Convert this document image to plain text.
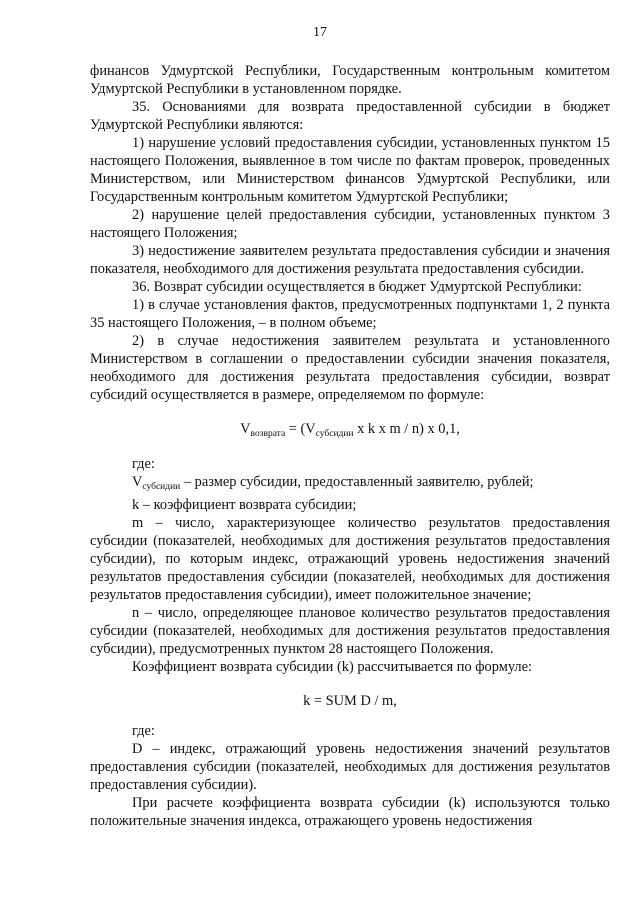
17

финансов Удмуртской Республики, Государственным контрольным комитетом Удмуртской Республики в установленном порядке.

35. Основаниями для возврата предоставленной субсидии в бюджет Удмуртской Республики являются:

1) нарушение условий предоставления субсидии, установленных пунктом 15 настоящего Положения, выявленное в том числе по фактам проверок, проведенных Министерством, или Министерством финансов Удмуртской Республики, или Государственным контрольным комитетом Удмуртской Республики;

2) нарушение целей предоставления субсидии, установленных пунктом 3 настоящего Положения;

3) недостижение заявителем результата предоставления субсидии и значения показателя, необходимого для достижения результата предоставления субсидии.

36. Возврат субсидии осуществляется в бюджет Удмуртской Республики:

1) в случае установления фактов, предусмотренных подпунктами 1, 2 пункта 35 настоящего Положения, – в полном объеме;

2) в случае недостижения заявителем результата и установленного Министерством в соглашении о предоставлении субсидии значения показателя, необходимого для достижения результата предоставления субсидии, возврат субсидий осуществляется в размере, определяемом по формуле:

$V_{возврата} = (V_{субсидии}$ x k x m / n) x 0,1,

где:

$V_{субсидии}$ – размер субсидии, предоставленный заявителю, рублей;

k – коэффициент возврата субсидии;

m – число, характеризующее количество результатов предоставления субсидии (показателей, необходимых для достижения результатов предоставления субсидии), по которым индекс, отражающий уровень недостижения значений результатов предоставления субсидии (показателей, необходимых для достижения результатов предоставления субсидии), имеет положительное значение;

n – число, определяющее плановое количество результатов предоставления субсидии (показателей, необходимых для достижения результатов предоставления субсидии), предусмотренных пунктом 28 настоящего Положения.

Коэффициент возврата субсидии (k) рассчитывается по формуле:

k = SUM D / m,

где:

D – индекс, отражающий уровень недостижения значений результатов предоставления субсидии (показателей, необходимых для достижения результатов предоставления субсидии).

При расчете коэффициента возврата субсидии (k) используются только положительные значения индекса, отражающего уровень недостижения
